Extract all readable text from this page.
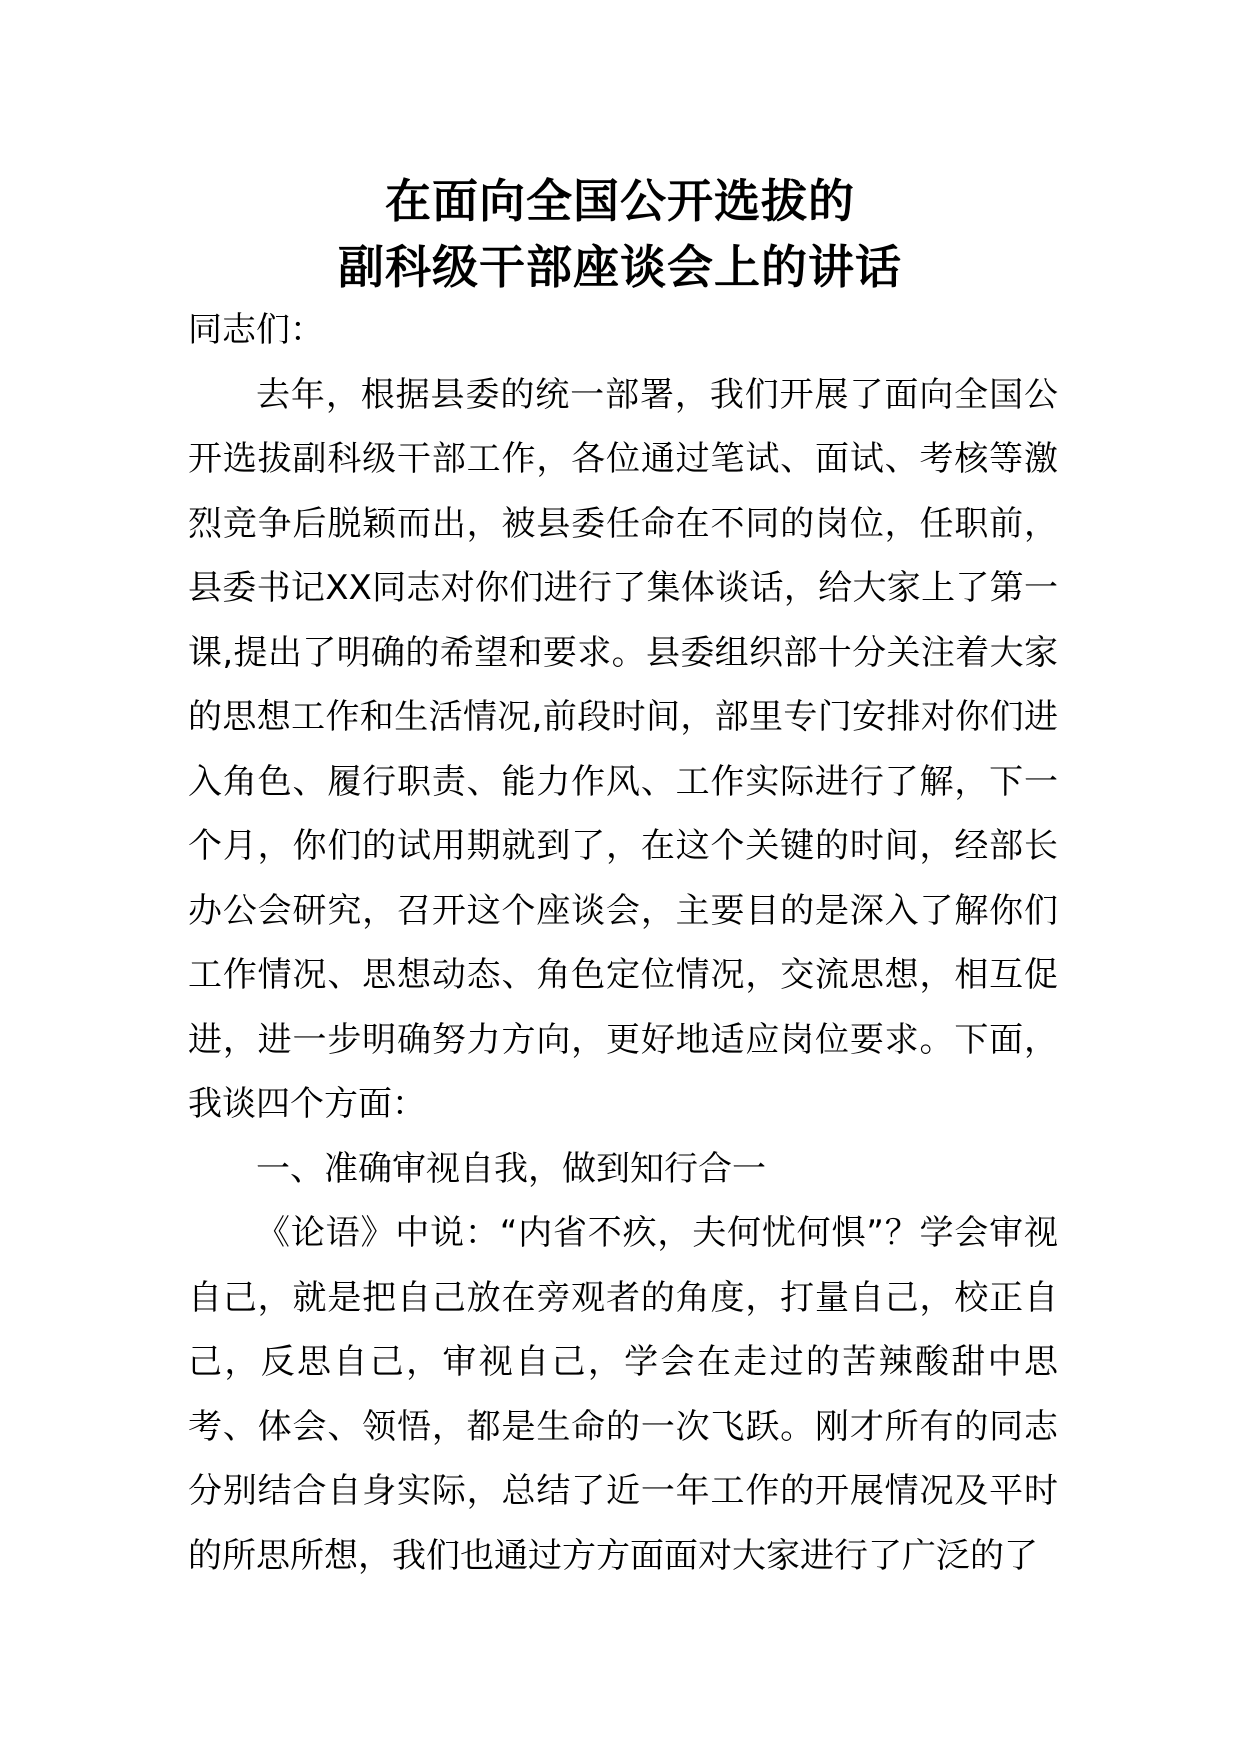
在面向全国公开选拔的
副科级干部座谈会上的讲话

同志们：

去年，根据县委的统一部署，我们开展了面向全国公开选拔副科级干部工作，各位通过笔试、面试、考核等激烈竞争后脱颖而出，被县委任命在不同的岗位，任职前，县委书记XX同志对你们进行了集体谈话，给大家上了第一课,提出了明确的希望和要求。县委组织部十分关注着大家的思想工作和生活情况,前段时间，部里专门安排对你们进入角色、履行职责、能力作风、工作实际进行了解，下一个月，你们的试用期就到了，在这个关键的时间，经部长办公会研究，召开这个座谈会，主要目的是深入了解你们工作情况、思想动态、角色定位情况，交流思想，相互促进，进一步明确努力方向，更好地适应岗位要求。下面，我谈四个方面：

一、准确审视自我，做到知行合一

《论语》中说：“内省不疚，夫何忧何惧”？学会审视自己，就是把自己放在旁观者的角度，打量自己，校正自己，反思自己，审视自己，学会在走过的苦辣酸甜中思考、体会、领悟，都是生命的一次飞跃。刚才所有的同志分别结合自身实际，总结了近一年工作的开展情况及平时的所思所想，我们也通过方方面面对大家进行了广泛的了
